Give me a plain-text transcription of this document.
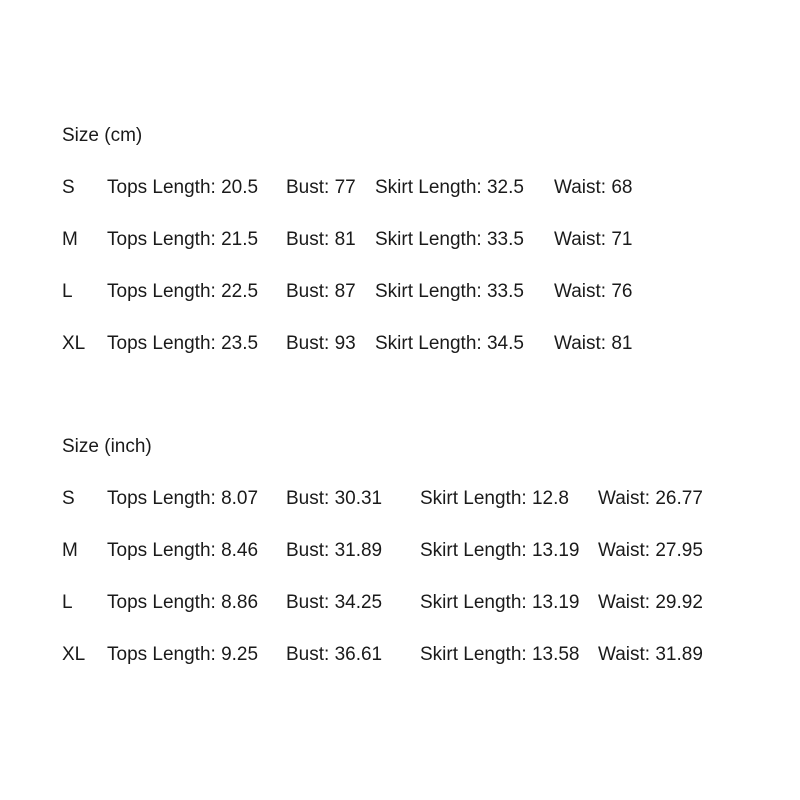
Size (cm)
S Tops Length: 20.5 Bust: 77 Skirt Length: 32.5 Waist: 68
M Tops Length: 21.5 Bust: 81 Skirt Length: 33.5 Waist: 71
L Tops Length: 22.5 Bust: 87 Skirt Length: 33.5 Waist: 76
XL Tops Length: 23.5 Bust: 93 Skirt Length: 34.5 Waist: 81
Size (inch)
S Tops Length: 8.07 Bust: 30.31 Skirt Length: 12.8 Waist: 26.77
M Tops Length: 8.46 Bust: 31.89 Skirt Length: 13.19 Waist: 27.95
L Tops Length: 8.86 Bust: 34.25 Skirt Length: 13.19 Waist: 29.92
XL Tops Length: 9.25 Bust: 36.61 Skirt Length: 13.58 Waist: 31.89
